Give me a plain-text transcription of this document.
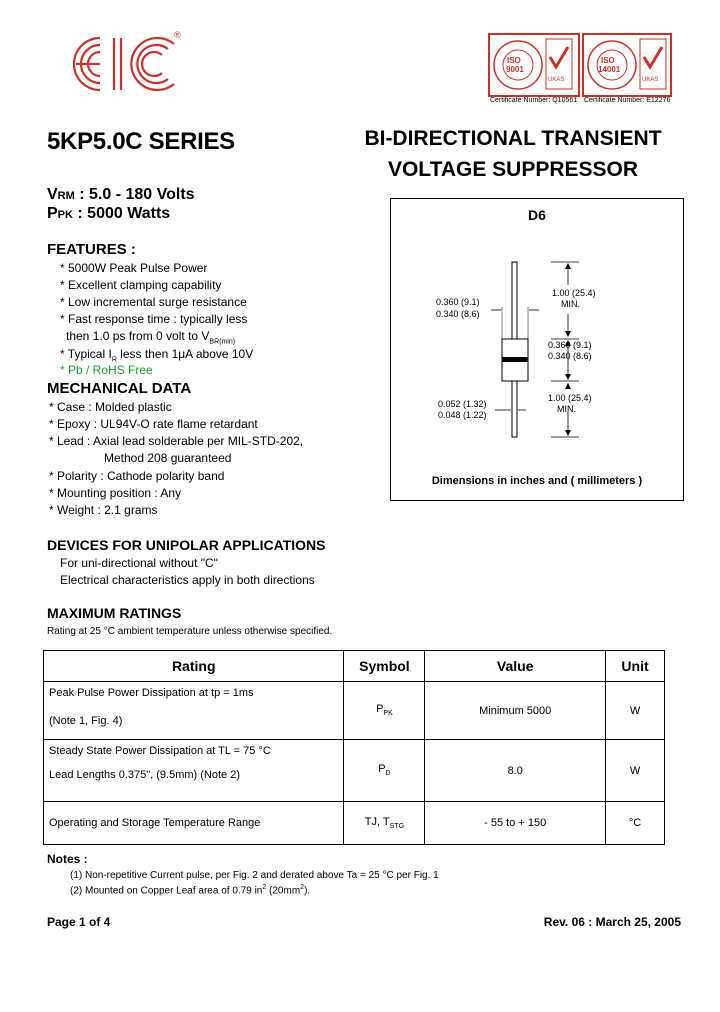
®
ISO
9001
UKAS
Certificate Number: Q10561
ISO
14001
UKAS
Certificate Number: E12276
5KP5.0C SERIES	BI-DIRECTIONAL TRANSIENT
VOLTAGE SUPPRESSOR
VRM : 5.0 - 180 Volts
PPK : 5000 Watts
FEATURES :
* 5000W Peak Pulse Power
* Excellent clamping capability
* Low incremental surge resistance
* Fast response time : typically less
then 1.0 ps from 0 volt to $V_{BR(min)}$
* Typical $I_R$ less then 1μA above 10V
* Pb / RoHS Free
MECHANICAL DATA
* Case : Molded plastic
* Epoxy : UL94V-O rate flame retardant
* Lead : Axial lead solderable per MIL-STD-202,
Method 208 guaranteed
* Polarity : Cathode polarity band
* Mounting position : Any
* Weight : 2.1 grams
DEVICES FOR UNIPOLAR APPLICATIONS
For uni-directional without "C"
Electrical characteristics apply in both directions
D6
1.00 (25.4)
MIN.
0.360 (9.1)
0.340 (8.6)
0.360 (9.1)
0.340 (8.6)
0.052 (1.32)
0.048 (1.22)
1.00 (25.4)
MIN.
Dimensions in inches and ( millimeters )
MAXIMUM RATINGS
Rating at 25 °C ambient temperature unless otherwise specified.
Rating	Symbol	Value	Unit

Peak Pulse Power Dissipation at tp = 1ms
(Note 1, Fig. 4)	$P_{PK}$	Minimum 5000	W

Steady State Power Dissipation at TL = 75 °C
Lead Lengths 0.375", (9.5mm) (Note 2)	$P_D$	8.0	W
Operating and Storage Temperature Range	TJ, $T_{STG}$	- 55 to + 150	°C
Notes :
(1) Non-repetitive Current pulse, per Fig. 2 and derated above Ta = 25 °C per Fig. 1
(2) Mounted on Copper Leaf area of 0.79 $in^2$ $(20mm^2)$.
Page 1 of 4	Rev. 06 : March 25, 2005
